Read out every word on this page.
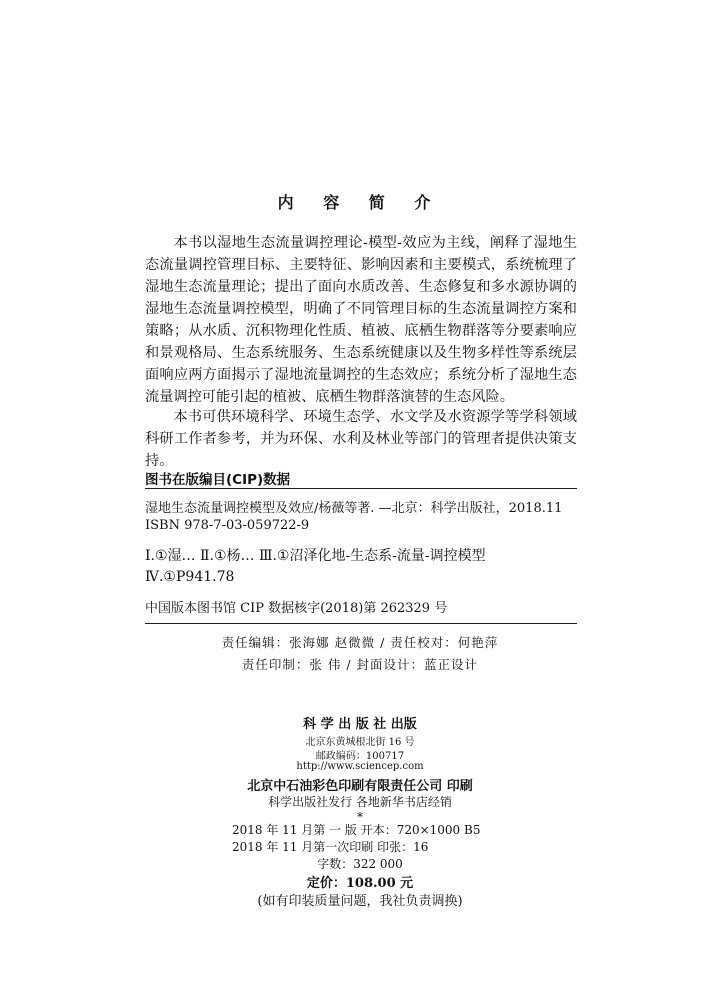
内 容 简 介

本书以湿地生态流量调控理论-模型-效应为主线，阐释了湿地生态流量调控管理目标、主要特征、影响因素和主要模式，系统梳理了湿地生态流量理论；提出了面向水质改善、生态修复和多水源协调的湿地生态流量调控模型，明确了不同管理目标的生态流量调控方案和策略；从水质、沉积物理化性质、植被、底栖生物群落等分要素响应和景观格局、生态系统服务、生态系统健康以及生物多样性等系统层面响应两方面揭示了湿地流量调控的生态效应；系统分析了湿地生态流量调控可能引起的植被、底栖生物群落演替的生态风险。

本书可供环境科学、环境生态学、水文学及水资源学等学科领域科研工作者参考，并为环保、水利及林业等部门的管理者提供决策支持。

图书在版编目(CIP)数据
湿地生态流量调控模型及效应/杨薇等著. —北京：科学出版社，2018.11
ISBN 978-7-03-059722-9
Ⅰ.①湿… Ⅱ.①杨… Ⅲ.①沼泽化地-生态系-流量-调控模型
Ⅳ.①P941.78
中国版本图书馆 CIP 数据核字(2018)第 262329 号
责任编辑：张海娜 赵微微 / 责任校对：何艳萍
责任印制：张 伟 / 封面设计：蓝正设计
科 学 出 版 社 出版
北京东黄城根北街 16 号
邮政编码：100717
http://www.sciencep.com
北京中石油彩色印刷有限责任公司 印刷
科学出版社发行 各地新华书店经销
*
2018 年 11 月第 一 版 开本：720×1000 B5
2018 年 11 月第一次印刷 印张：16
字数：322 000
定价：108.00 元
(如有印装质量问题，我社负责调换)
